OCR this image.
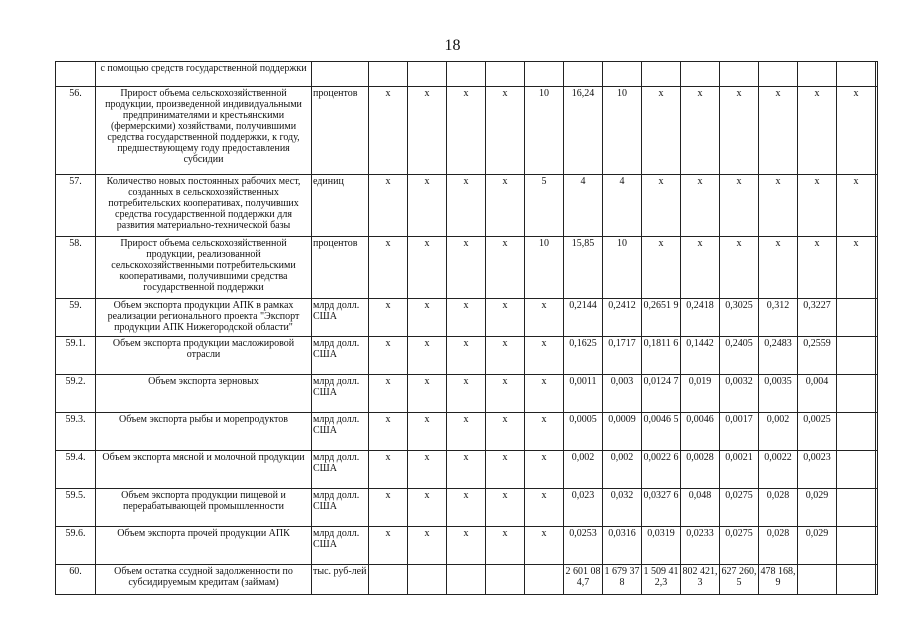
18
	с помощью средств государственной поддержки																
56.	Прирост объема сельскохозяйственной продукции, произведенной индивидуальными предпринимателями и крестьянскими (фермерскими) хозяйствами, получившими средства государственной поддержки, к году, предшествующему году предоставления субсидии	процентов	x	x	x	x	10	16,24	10	x	x	x	x	x	x		
57.	Количество новых постоянных рабочих мест, созданных в сельскохозяйственных потребительских кооперативах, получивших средства государственной поддержки для развития материально-технической базы	единиц	x	x	x	x	5	4	4	x	x	x	x	x	x		
58.	Прирост объема сельскохозяйственной продукции, реализованной сельскохозяйственными потребительскими кооперативами, получившими средства государственной поддержки	процентов	x	x	x	x	10	15,85	10	x	x	x	x	x	x		
59.	Объем экспорта продукции АПК в рамках реализации регионального проекта "Экспорт продукции АПК Нижегородской области"	млрд долл. США	x	x	x	x	x	0,2144	0,2412	0,2651 9	0,2418	0,3025	0,312	0,3227			
59.1.	Объем экспорта продукции масложировой отрасли	млрд долл. США	x	x	x	x	x	0,1625	0,1717	0,1811 6	0,1442	0,2405	0,2483	0,2559			
59.2.	Объем экспорта зерновых	млрд долл. США	x	x	x	x	x	0,0011	0,003	0,0124 7	0,019	0,0032	0,0035	0,004			
59.3.	Объем экспорта рыбы и морепродуктов	млрд долл. США	x	x	x	x	x	0,0005	0,0009	0,0046 5	0,0046	0,0017	0,002	0,0025			
59.4.	Объем экспорта мясной и молочной продукции	млрд долл. США	x	x	x	x	x	0,002	0,002	0,0022 6	0,0028	0,0021	0,0022	0,0023			
59.5.	Объем экспорта продукции пищевой и перерабатывающей промышленности	млрд долл. США	x	x	x	x	x	0,023	0,032	0,0327 6	0,048	0,0275	0,028	0,029			
59.6.	Объем экспорта прочей продукции АПК	млрд долл. США	x	x	x	x	x	0,0253	0,0316	0,0319	0,0233	0,0275	0,028	0,029			
60.	Объем остатка ссудной задолженности по субсидируемым кредитам (займам)	тыс. руб-лей						2 601 084,7	1 679 378	1 509 412,3	802 421,3	627 260,5	478 168,9				
